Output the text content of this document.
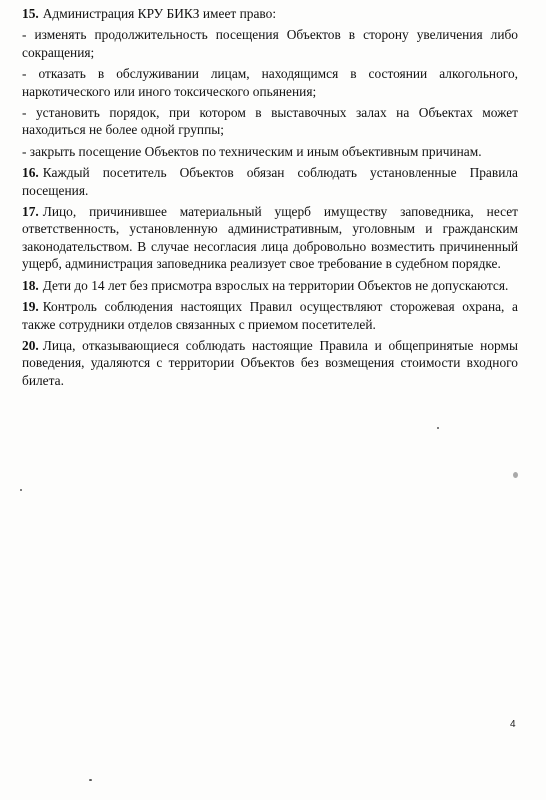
15. Администрация КРУ БИКЗ имеет право:

- изменять продолжительность посещения Объектов в сторону увеличения либо сокращения;

- отказать в обслуживании лицам, находящимся в состоянии алкогольного, наркотического или иного токсического опьянения;

- установить порядок, при котором в выставочных залах на Объектах может находиться не более одной группы;

- закрыть посещение Объектов по техническим и иным объективным причинам.

16. Каждый посетитель Объектов обязан соблюдать установленные Правила посещения.

17. Лицо, причинившее материальный ущерб имуществу заповедника, несет ответственность, установленную административным, уголовным и гражданским законодательством. В случае несогласия лица добровольно возместить причиненный ущерб, администрация заповедника реализует свое требование в судебном порядке.

18. Дети до 14 лет без присмотра взрослых на территории Объектов не допускаются.

19. Контроль соблюдения настоящих Правил осуществляют сторожевая охрана, а также сотрудники отделов связанных с приемом посетителей.

20. Лица, отказывающиеся соблюдать настоящие Правила и общепринятые нормы поведения, удаляются с территории Объектов без возмещения стоимости входного билета.

4
